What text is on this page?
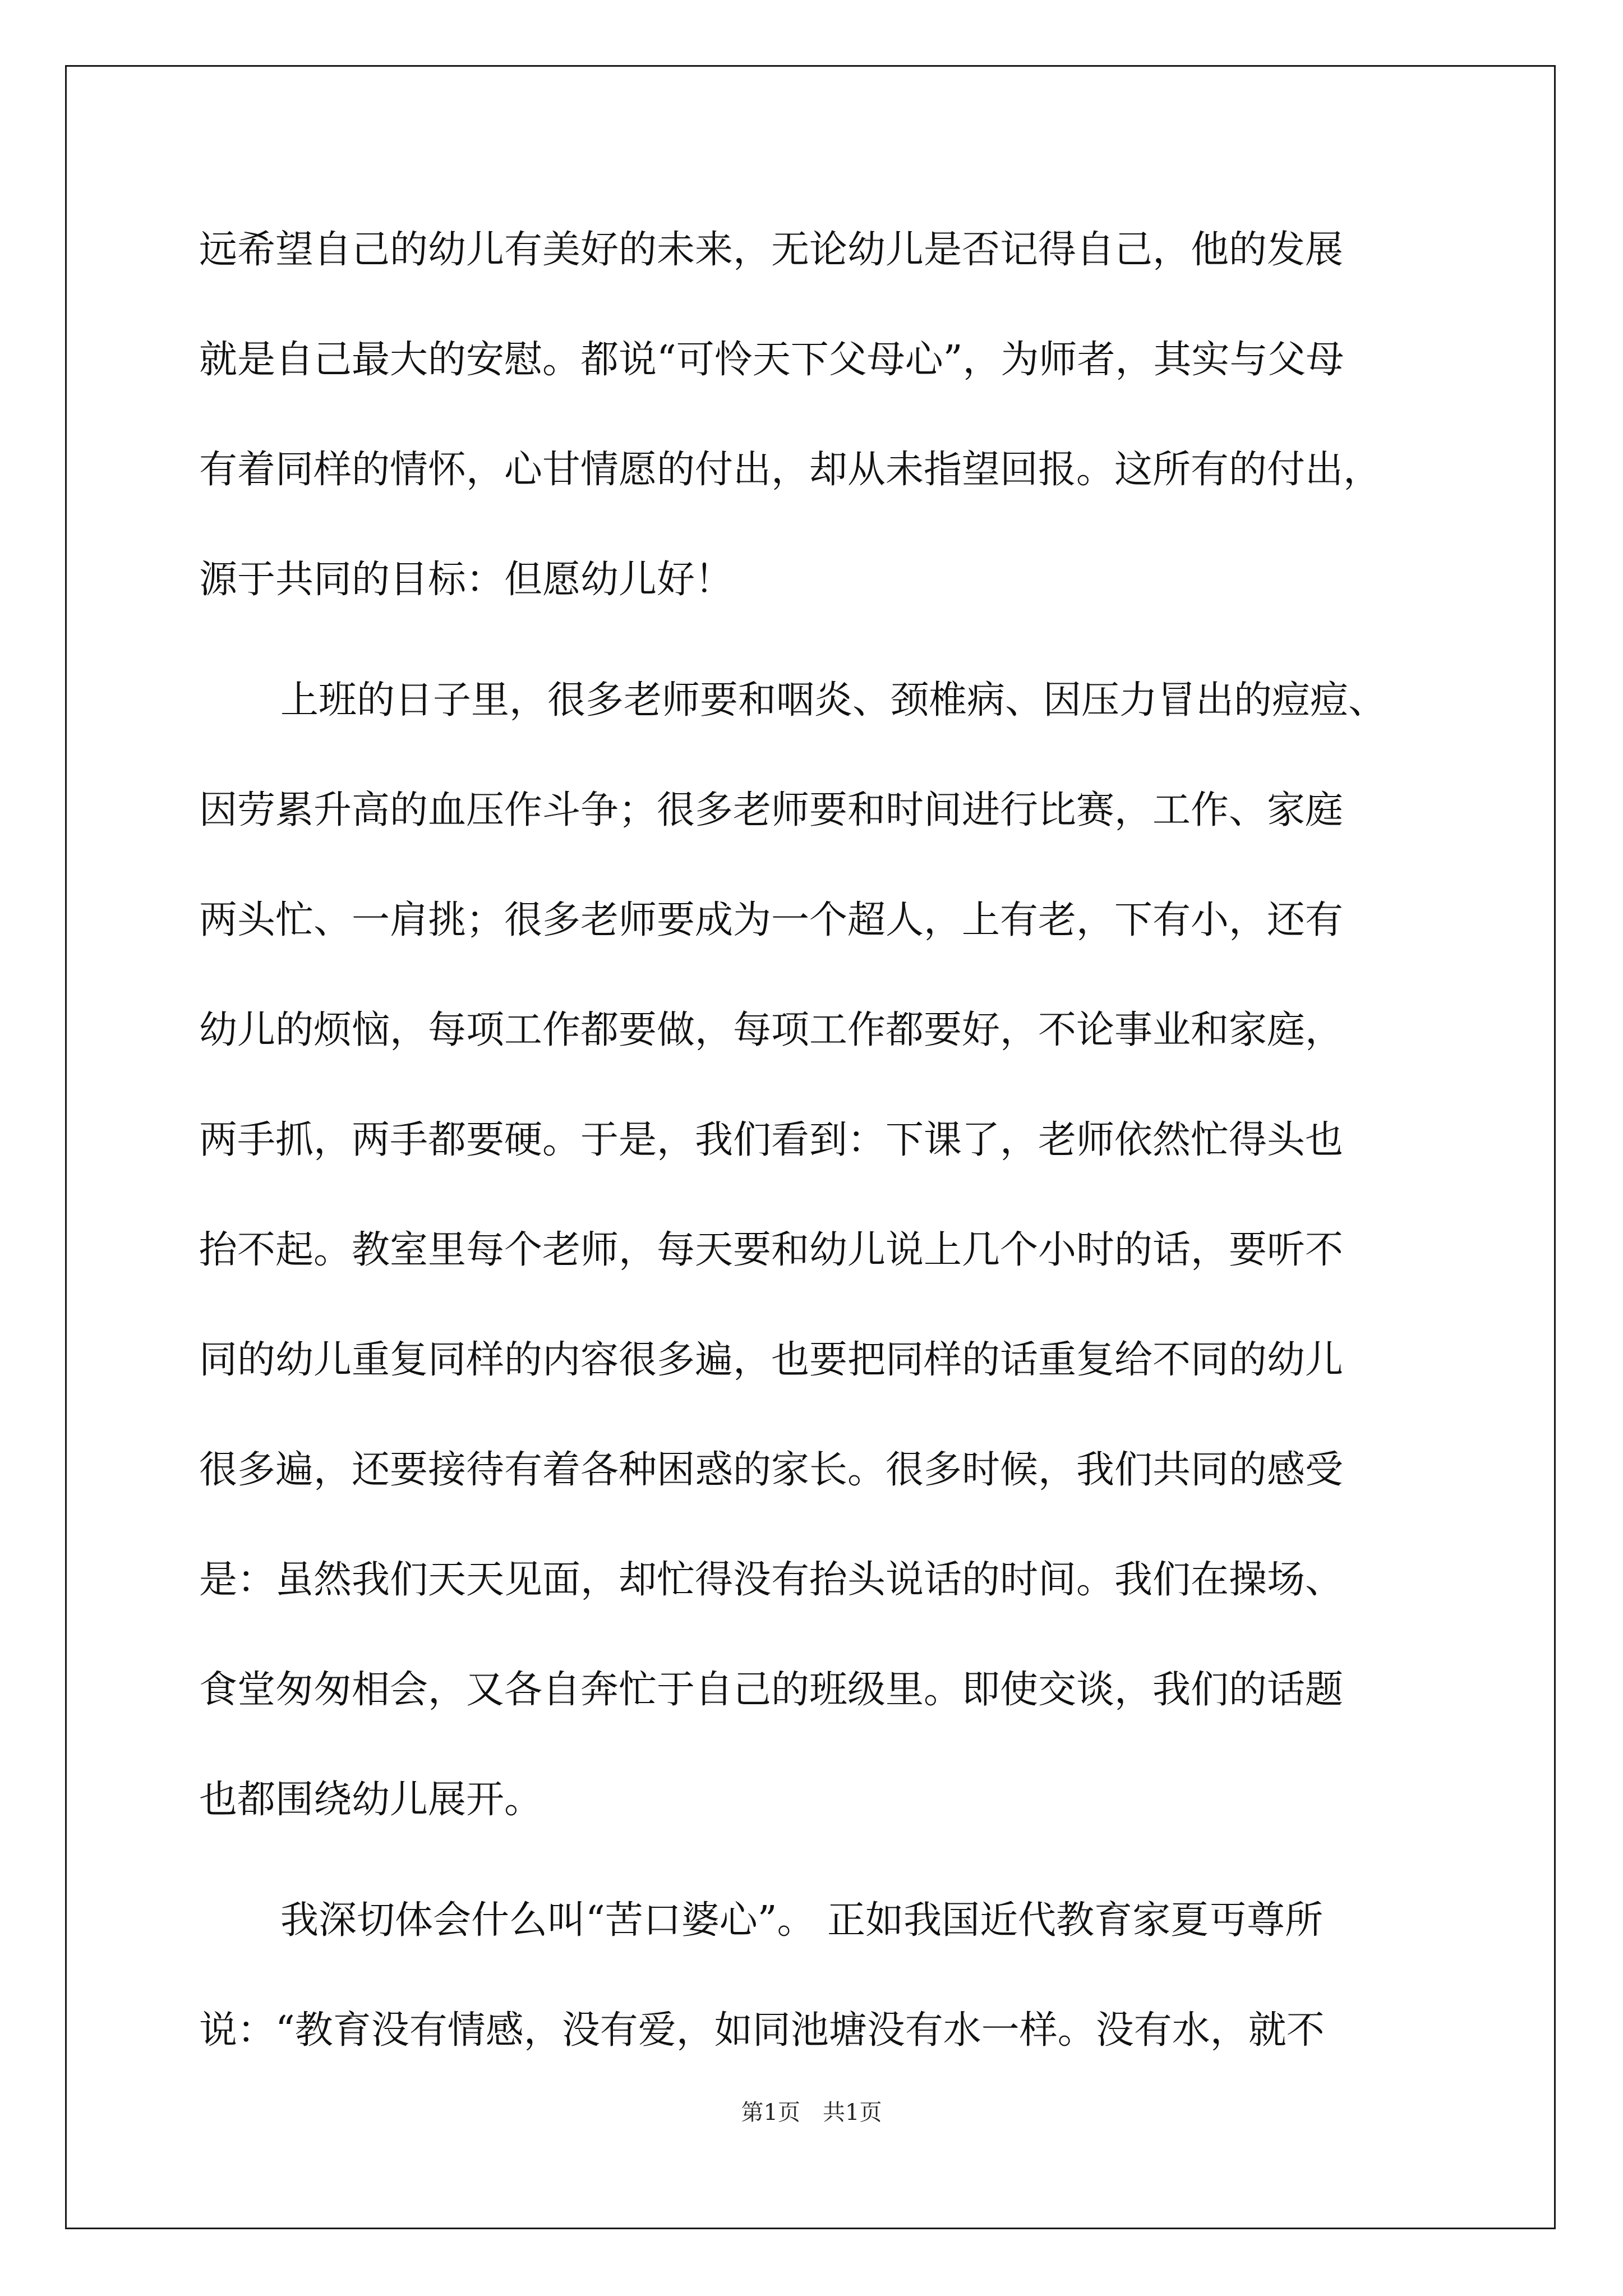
远希望自己的幼儿有美好的未来，无论幼儿是否记得自己，他的发展
就是自己最大的安慰。都说“可怜天下父母心”，为师者，其实与父母
有着同样的情怀，心甘情愿的付出，却从未指望回报。这所有的付出，
源于共同的目标：但愿幼儿好！
上班的日子里，很多老师要和咽炎、颈椎病、因压力冒出的痘痘、
因劳累升高的血压作斗争；很多老师要和时间进行比赛，工作、家庭
两头忙、一肩挑；很多老师要成为一个超人，上有老，下有小，还有
幼儿的烦恼，每项工作都要做，每项工作都要好，不论事业和家庭，
两手抓，两手都要硬。于是，我们看到：下课了，老师依然忙得头也
抬不起。教室里每个老师，每天要和幼儿说上几个小时的话，要听不
同的幼儿重复同样的内容很多遍，也要把同样的话重复给不同的幼儿
很多遍，还要接待有着各种困惑的家长。很多时候，我们共同的感受
是：虽然我们天天见面，却忙得没有抬头说话的时间。我们在操场、
食堂匆匆相会，又各自奔忙于自己的班级里。即使交谈，我们的话题
也都围绕幼儿展开。
我深切体会什么叫“苦口婆心”。 正如我国近代教育家夏丏尊所
说：“教育没有情感，没有爱，如同池塘没有水一样。没有水，就不
第1页　共1页
